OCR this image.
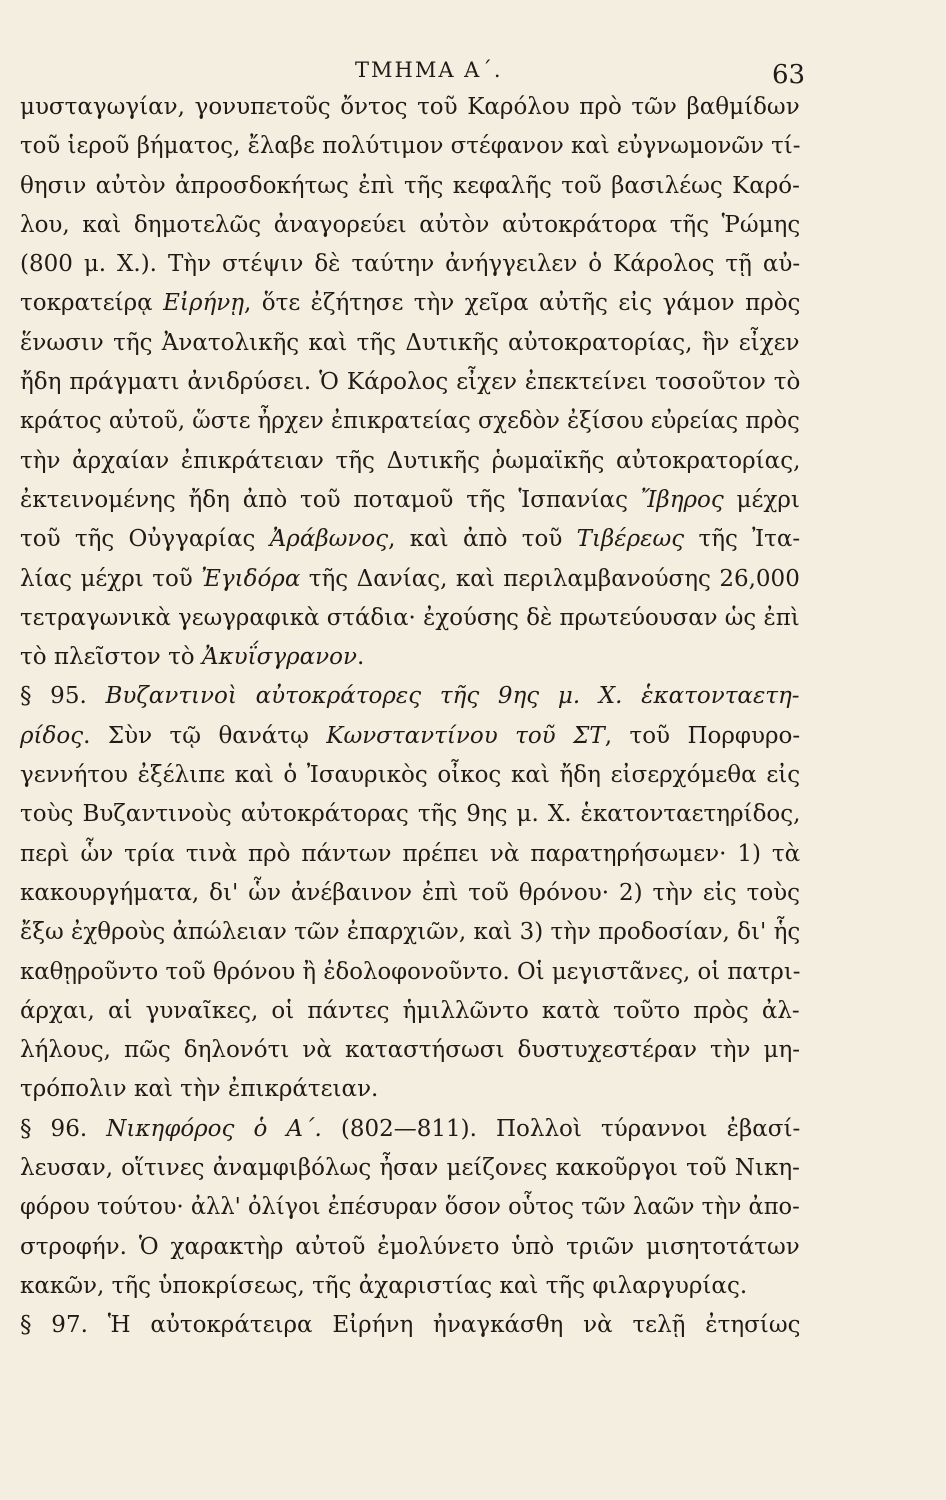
ΤΜΗΜΑ Α΄.	63
μυσταγωγίαν, γονυπετοῦς ὄντος τοῦ Καρόλου πρὸ τῶν βαθμίδων
τοῦ ἱεροῦ βήματος, ἔλαβε πολύτιμον στέφανον καὶ εὐγνωμονῶν τί-
θησιν αὐτὸν ἀπροσδοκήτως ἐπὶ τῆς κεφαλῆς τοῦ βασιλέως Καρό-
λου, καὶ δημοτελῶς ἀναγορεύει αὐτὸν αὐτοκράτορα τῆς Ῥώμης
(800 μ. Χ.). Τὴν στέψιν δὲ ταύτην ἀνήγγειλεν ὁ Κάρολος τῇ αὐ-
τοκρατείρᾳ Εἰρήνῃ, ὅτε ἐζήτησε τὴν χεῖρα αὐτῆς εἰς γάμον πρὸς
ἕνωσιν τῆς Ἀνατολικῆς καὶ τῆς Δυτικῆς αὐτοκρατορίας, ἣν εἶχεν
ἤδη πράγματι ἀνιδρύσει. Ὁ Κάρολος εἶχεν ἐπεκτείνει τοσοῦτον τὸ
κράτος αὐτοῦ, ὥστε ἦρχεν ἐπικρατείας σχεδὸν ἐξίσου εὐρείας πρὸς
τὴν ἀρχαίαν ἐπικράτειαν τῆς Δυτικῆς ῥωμαϊκῆς αὐτοκρατορίας,
ἐκτεινομένης ἤδη ἀπὸ τοῦ ποταμοῦ τῆς Ἱσπανίας Ἴβηρος μέχρι
τοῦ τῆς Οὐγγαρίας Ἀράβωνος, καὶ ἀπὸ τοῦ Τιβέρεως τῆς Ἰτα-
λίας μέχρι τοῦ Ἐγιδόρα τῆς Δανίας, καὶ περιλαμβανούσης 26,000
τετραγωνικὰ γεωγραφικὰ στάδια· ἐχούσης δὲ πρωτεύουσαν ὡς ἐπὶ
τὸ πλεῖστον τὸ Ἀκυΐσγρανον.
§ 95. Βυζαντινοὶ αὐτοκράτορες τῆς 9ης μ. Χ. ἑκατονταετη-
ρίδος. Σὺν τῷ θανάτῳ Κωνσταντίνου τοῦ ΣΤ, τοῦ Πορφυρο-
γεννήτου ἐξέλιπε καὶ ὁ Ἰσαυρικὸς οἶκος καὶ ἤδη εἰσερχόμεθα εἰς
τοὺς Βυζαντινοὺς αὐτοκράτορας τῆς 9ης μ. Χ. ἑκατονταετηρίδος,
περὶ ὧν τρία τινὰ πρὸ πάντων πρέπει νὰ παρατηρήσωμεν· 1) τὰ
κακουργήματα, δι' ὧν ἀνέβαινον ἐπὶ τοῦ θρόνου· 2) τὴν εἰς τοὺς
ἔξω ἐχθροὺς ἀπώλειαν τῶν ἐπαρχιῶν, καὶ 3) τὴν προδοσίαν, δι' ἧς
καθῃροῦντο τοῦ θρόνου ἢ ἐδολοφονοῦντο. Οἱ μεγιστᾶνες, οἱ πατρι-
άρχαι, αἱ γυναῖκες, οἱ πάντες ἡμιλλῶντο κατὰ τοῦτο πρὸς ἀλ-
λήλους, πῶς δηλονότι νὰ καταστήσωσι δυστυχεστέραν τὴν μη-
τρόπολιν καὶ τὴν ἐπικράτειαν.
§ 96. Νικηφόρος ὁ Α΄. (802—811). Πολλοὶ τύραννοι ἐβασί-
λευσαν, οἵτινες ἀναμφιβόλως ἦσαν μείζονες κακοῦργοι τοῦ Νικη-
φόρου τούτου· ἀλλ' ὀλίγοι ἐπέσυραν ὅσον οὗτος τῶν λαῶν τὴν ἀπο-
στροφήν. Ὁ χαρακτὴρ αὐτοῦ ἐμολύνετο ὑπὸ τριῶν μισητοτάτων
κακῶν, τῆς ὑποκρίσεως, τῆς ἀχαριστίας καὶ τῆς φιλαργυρίας.
§ 97. Ἡ αὐτοκράτειρα Εἰρήνη ἠναγκάσθη νὰ τελῇ ἐτησίως
